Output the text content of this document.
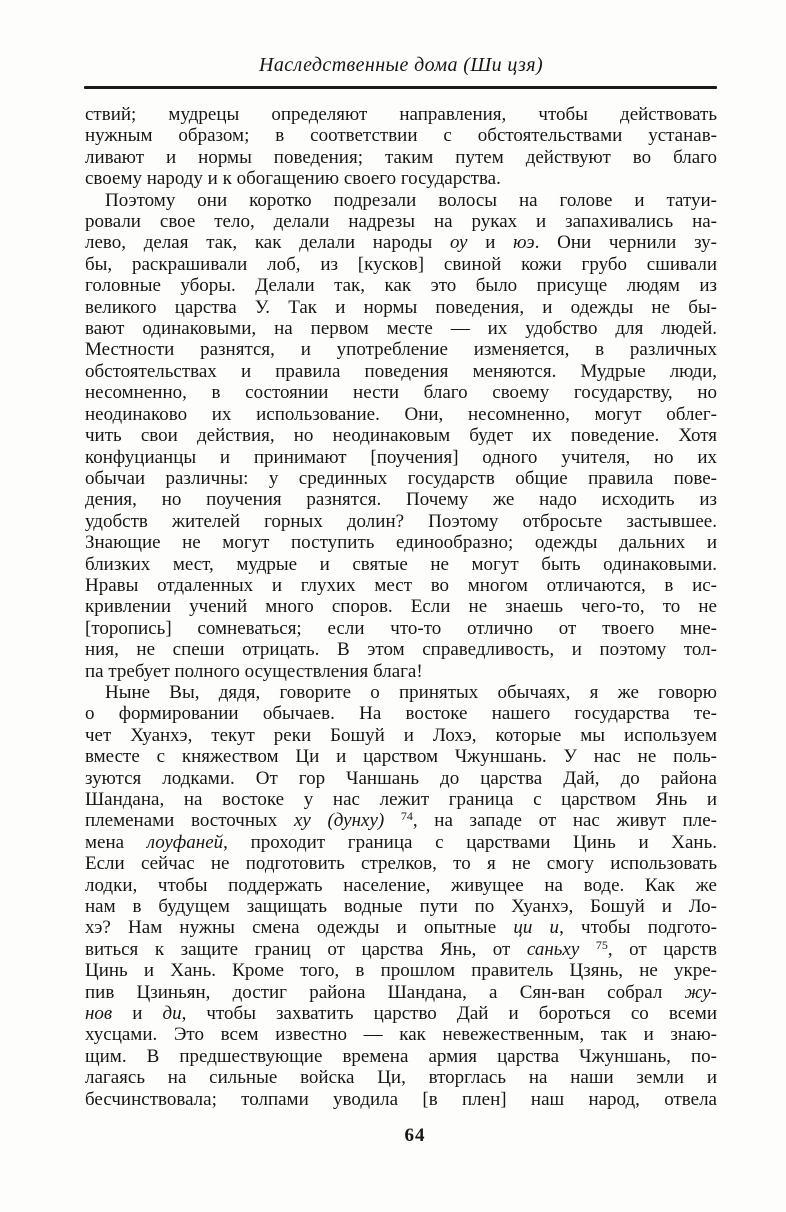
Наследственные дома (Ши цзя)
ствий; мудрецы определяют направления, чтобы действовать
нужным образом; в соответствии с обстоятельствами устанав-
ливают и нормы поведения; таким путем действуют во благо
своему народу и к обогащению своего государства.
Поэтому они коротко подрезали волосы на голове и татуи-
ровали свое тело, делали надрезы на руках и запахивались на-
лево, делая так, как делали народы оу и юэ. Они чернили зу-
бы, раскрашивали лоб, из [кусков] свиной кожи грубо сшивали
головные уборы. Делали так, как это было присуще людям из
великого царства У. Так и нормы поведения, и одежды не бы-
вают одинаковыми, на первом месте — их удобство для людей.
Местности разнятся, и употребление изменяется, в различных
обстоятельствах и правила поведения меняются. Мудрые люди,
несомненно, в состоянии нести благо своему государству, но
неодинаково их использование. Они, несомненно, могут облег-
чить свои действия, но неодинаковым будет их поведение. Хотя
конфуцианцы и принимают [поучения] одного учителя, но их
обычаи различны: у срединных государств общие правила пове-
дения, но поучения разнятся. Почему же надо исходить из
удобств жителей горных долин? Поэтому отбросьте застывшее.
Знающие не могут поступить единообразно; одежды дальних и
близких мест, мудрые и святые не могут быть одинаковыми.
Нравы отдаленных и глухих мест во многом отличаются, в ис-
кривлении учений много споров. Если не знаешь чего-то, то не
[торопись] сомневаться; если что-то отлично от твоего мне-
ния, не спеши отрицать. В этом справедливость, и поэтому тол-
па требует полного осуществления блага!
Ныне Вы, дядя, говорите о принятых обычаях, я же говорю
о формировании обычаев. На востоке нашего государства те-
чет Хуанхэ, текут реки Бошуй и Лохэ, которые мы используем
вместе с княжеством Ци и царством Чжуншань. У нас не поль-
зуются лодками. От гор Чаншань до царства Дай, до района
Шандана, на востоке у нас лежит граница с царством Янь и
племенами восточных ху (дунху) $^{74}$, на западе от нас живут пле-
мена лоуфаней, проходит граница с царствами Цинь и Хань.
Если сейчас не подготовить стрелков, то я не смогу использовать
лодки, чтобы поддержать население, живущее на воде. Как же
нам в будущем защищать водные пути по Хуанхэ, Бошуй и Ло-
хэ? Нам нужны смена одежды и опытные ци и, чтобы подгото-
виться к защите границ от царства Янь, от саньху $^{75}$, от царств
Цинь и Хань. Кроме того, в прошлом правитель Цзянь, не укре-
пив Цзиньян, достиг района Шандана, а Сян-ван собрал жу-
нов и ди, чтобы захватить царство Дай и бороться со всеми
хусцами. Это всем известно — как невежественным, так и знаю-
щим. В предшествующие времена армия царства Чжуншань, по-
лагаясь на сильные войска Ци, вторглась на наши земли и
бесчинствовала; толпами уводила [в плен] наш народ, отвела
64
